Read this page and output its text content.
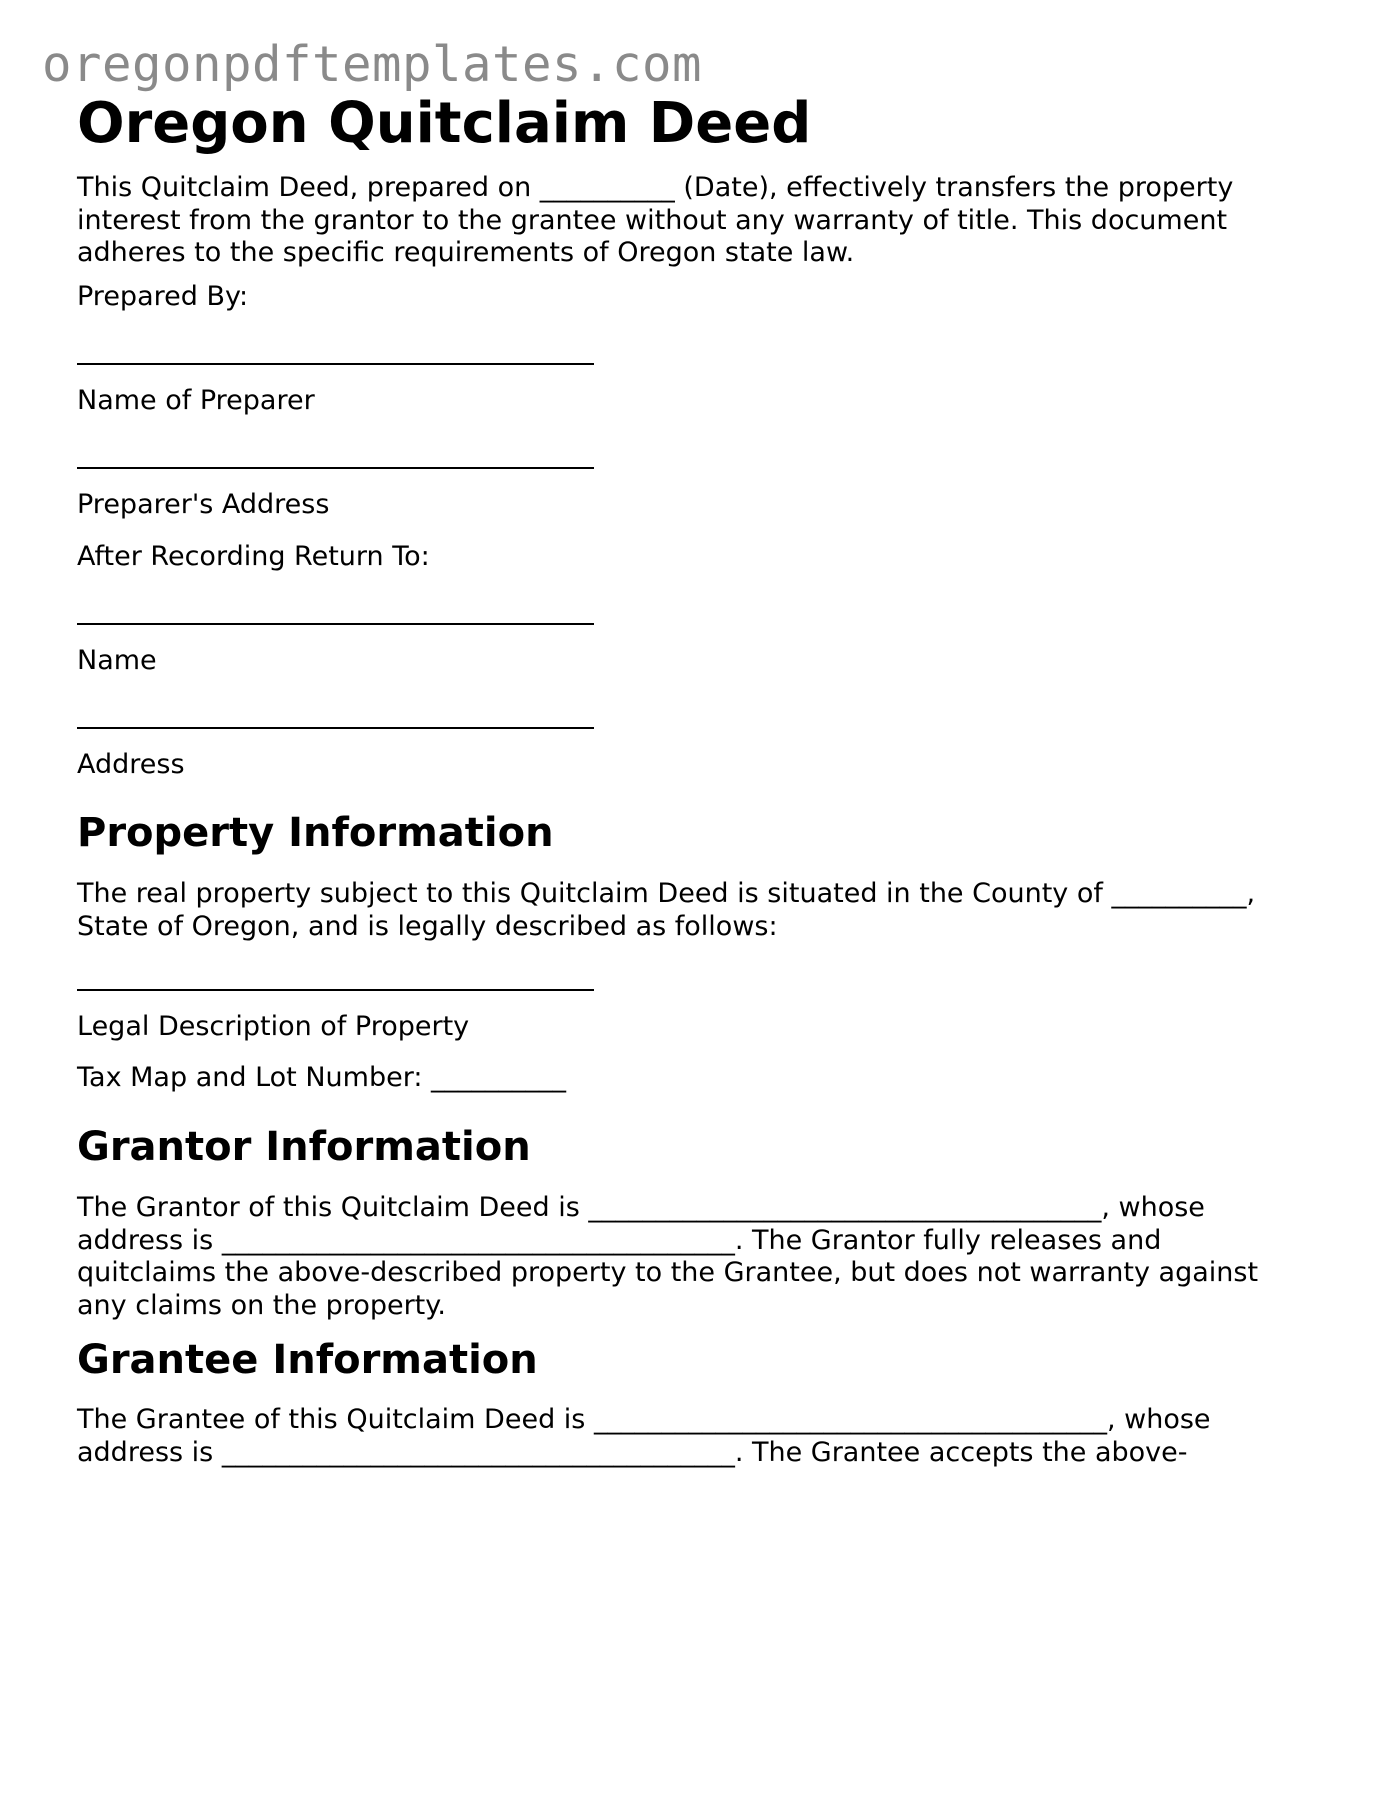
oregonpdftemplates.com
Oregon Quitclaim Deed

This Quitclaim Deed, prepared on __________ (Date), effectively transfers the property interest from the grantor to the grantee without any warranty of title. This document adheres to the specific requirements of Oregon state law.

Prepared By:

Name of Preparer

Preparer's Address

After Recording Return To:

Name

Address

Property Information

The real property subject to this Quitclaim Deed is situated in the County of __________, State of Oregon, and is legally described as follows:

Legal Description of Property

Tax Map and Lot Number: __________

Grantor Information

The Grantor of this Quitclaim Deed is ______________________________________, whose address is ______________________________________. The Grantor fully releases and quitclaims the above-described property to the Grantee, but does not warranty against any claims on the property.

Grantee Information

The Grantee of this Quitclaim Deed is ______________________________________, whose address is ______________________________________. The Grantee accepts the above-
